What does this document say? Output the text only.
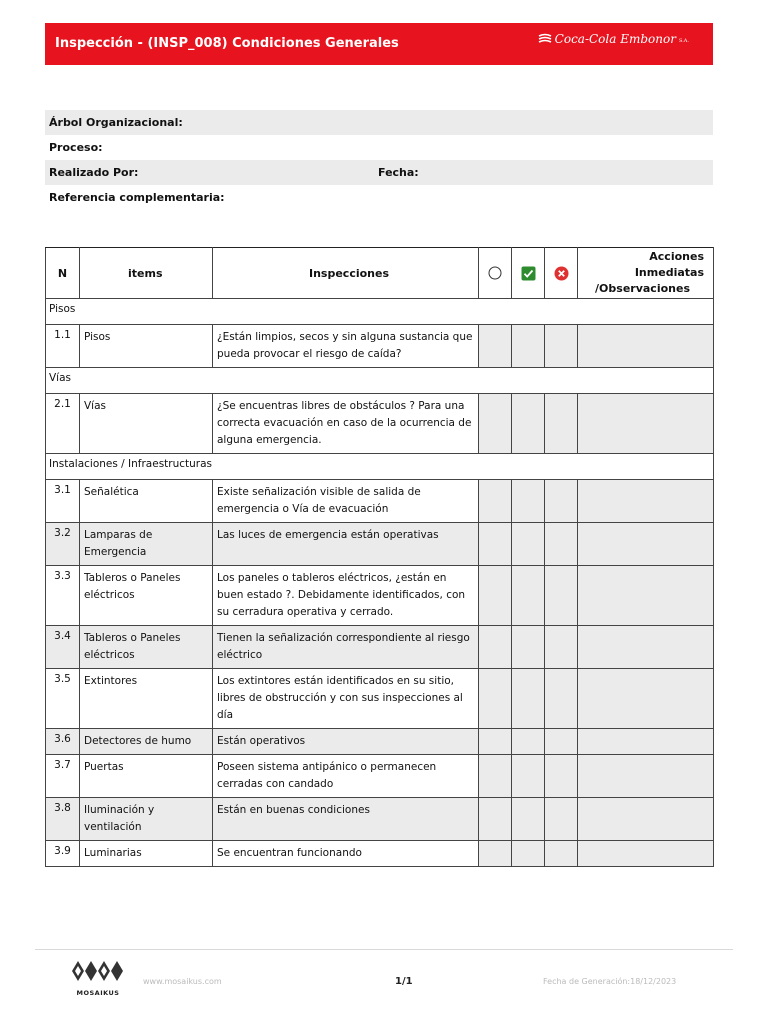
Inspección - (INSP_008) Condiciones Generales	Coca-Cola Embonor S.A.
Árbol Organizacional:
Proceso:
Realizado Por:	Fecha:
Referencia complementaria:
N	items	Inspecciones				Acciones Inmediatas
/Observaciones

Pisos						
1.1	Pisos	¿Están limpios, secos y sin alguna sustancia que pueda provocar el riesgo de caída?				
Vías						
2.1	Vías	¿Se encuentras libres de obstáculos ? Para una correcta evacuación en caso de la ocurrencia de alguna emergencia.				
Instalaciones / Infraestructuras						
3.1	Señalética	Existe señalización visible de salida de emergencia o Vía de evacuación				
3.2	Lamparas de Emergencia	Las luces de emergencia están operativas				
3.3	Tableros o Paneles eléctricos	Los paneles o tableros eléctricos, ¿están en buen estado ?. Debidamente identificados, con su cerradura operativa y cerrado.				
3.4	Tableros o Paneles eléctricos	Tienen la señalización correspondiente al riesgo eléctrico				
3.5	Extintores	Los extintores están identificados en su sitio, libres de obstrucción y con sus inspecciones al día				
3.6	Detectores de humo	Están operativos				
3.7	Puertas	Poseen sistema antipánico o permanecen cerradas con candado				
3.8	Iluminación y ventilación	Están en buenas condiciones				
3.9	Luminarias	Se encuentran funcionando				
MOSAIKUS
www.mosaikus.com	1/1	Fecha de Generación:18/12/2023
